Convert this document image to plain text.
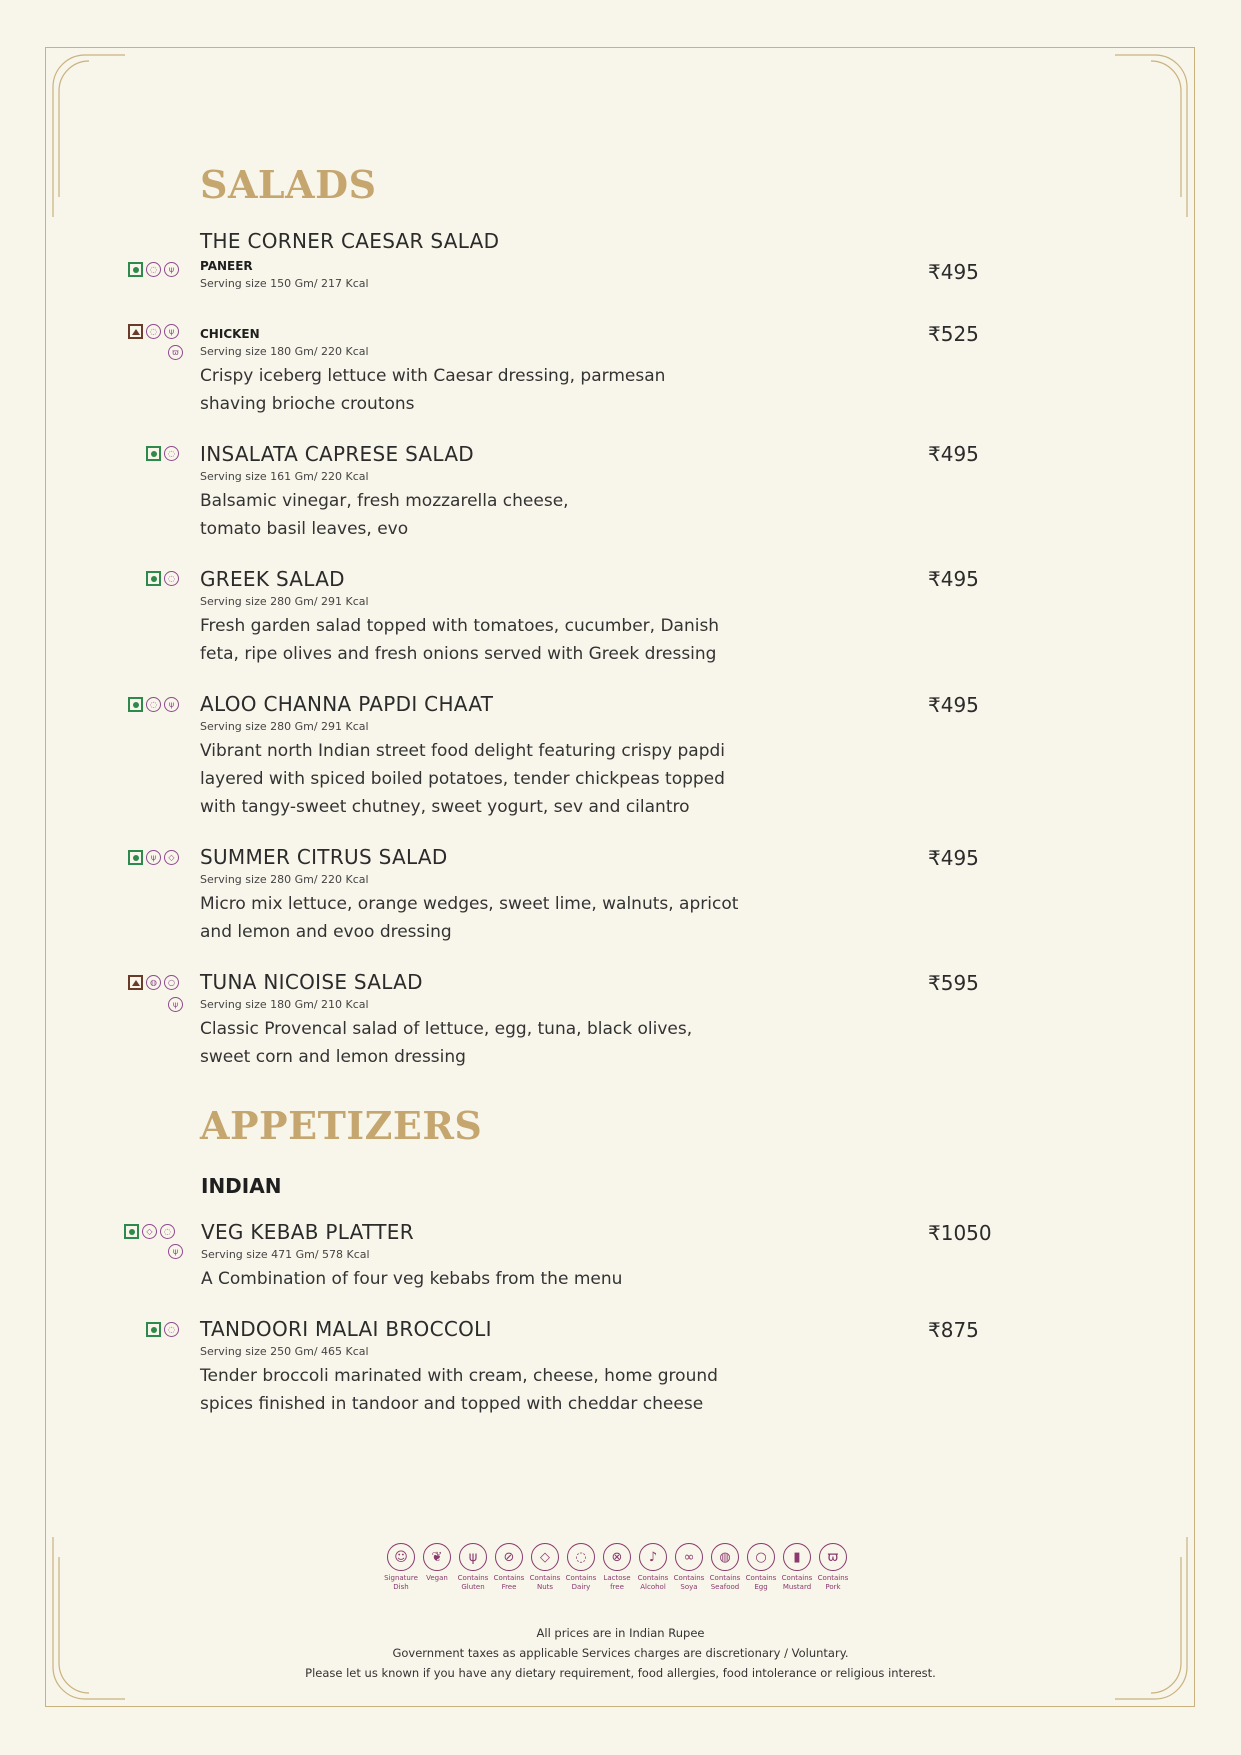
SALADS
◌	ψ
THE CORNER CAESAR SALAD
PANEER
Serving size 150 Gm/ 217 Kcal	₹495
◌	ψ
ϖ
CHICKEN
Serving size 180 Gm/ 220 Kcal
Crispy iceberg lettuce with Caesar dressing, parmesan shaving brioche croutons
₹525
◌ INSALATA CAPRESE SALAD
Serving size 161 Gm/ 220 Kcal
Balsamic vinegar, fresh mozzarella cheese, tomato basil leaves, evo
₹495
◌ GREEK SALAD
Serving size 280 Gm/ 291 Kcal
Fresh garden salad topped with tomatoes, cucumber, Danish feta, ripe olives and fresh onions served with Greek dressing
₹495
◌	ψ ALOO CHANNA PAPDI CHAAT
Serving size 280 Gm/ 291 Kcal
Vibrant north Indian street food delight featuring crispy papdi layered with spiced boiled potatoes, tender chickpeas topped with tangy-sweet chutney, sweet yogurt, sev and cilantro
₹495
ψ	◇ SUMMER CITRUS SALAD
Serving size 280 Gm/ 220 Kcal
Micro mix lettuce, orange wedges, sweet lime, walnuts, apricot and lemon and evoo dressing
₹495
◍	○
ψ
TUNA NICOISE SALAD
Serving size 180 Gm/ 210 Kcal
Classic Provencal salad of lettuce, egg, tuna, black olives, sweet corn and lemon dressing
₹595
APPETIZERS
INDIAN
◇	◌
ψ
VEG KEBAB PLATTER
Serving size 471 Gm/ 578 Kcal
A Combination of four veg kebabs from the menu
₹1050
◌ TANDOORI MALAI BROCCOLI
Serving size 250 Gm/ 465 Kcal
Tender broccoli marinated with cream, cheese, home ground spices finished in tandoor and topped with cheddar cheese
₹875
☺
Signature Dish
❦
Vegan
ψ
Contains Gluten
⊘
Contains Free
◇
Contains Nuts
◌
Contains Dairy
⊗
Lactose free
♪
Contains Alcohol
∞
Contains Soya
◍
Contains Seafood
○
Contains Egg
▮
Contains Mustard
ϖ
Contains Pork
All prices are in Indian Rupee
Government taxes as applicable Services charges are discretionary / Voluntary.
Please let us known if you have any dietary requirement, food allergies, food intolerance or religious interest.
